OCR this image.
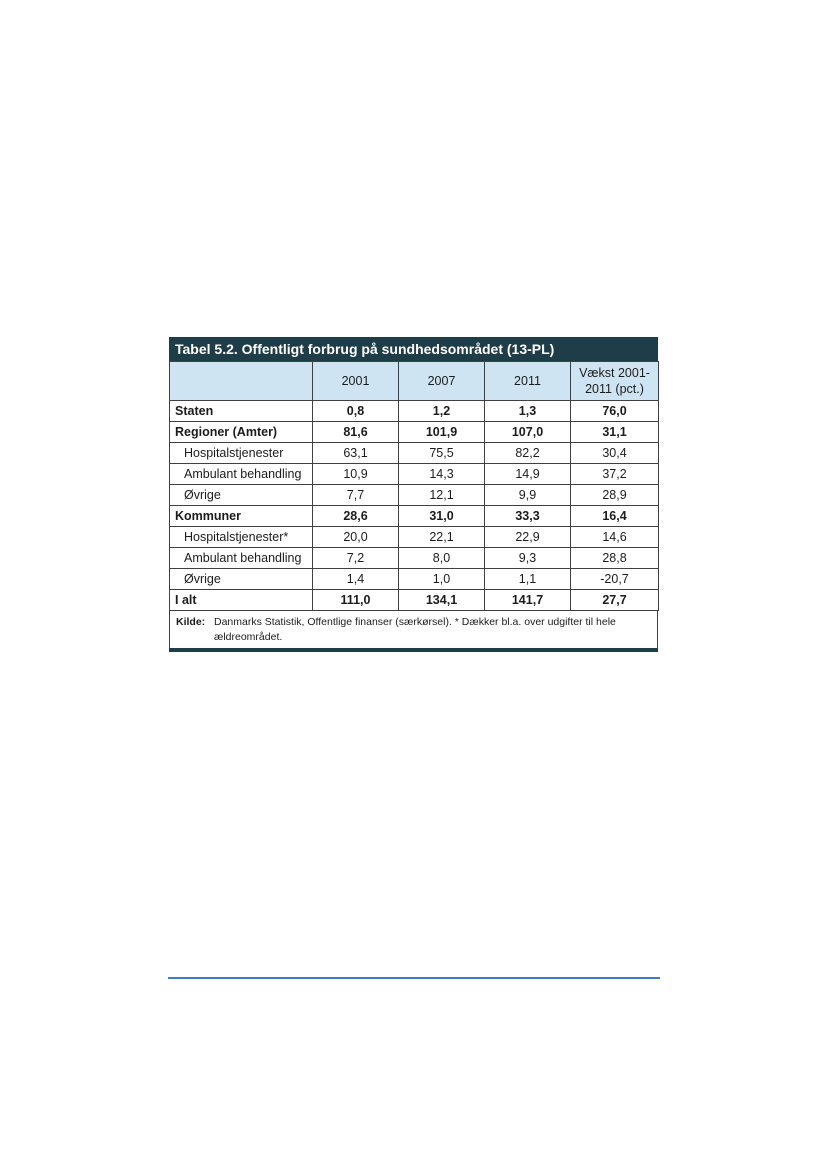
Tabel 5.2. Offentligt forbrug på sundhedsområdet (13-PL)
	2001	2007	2011	Vækst 2001-2011 (pct.)
Staten	0,8	1,2	1,3	76,0
Regioner (Amter)	81,6	101,9	107,0	31,1
Hospitalstjenester	63,1	75,5	82,2	30,4
Ambulant behandling	10,9	14,3	14,9	37,2
Øvrige	7,7	12,1	9,9	28,9
Kommuner	28,6	31,0	33,3	16,4
Hospitalstjenester*	20,0	22,1	22,9	14,6
Ambulant behandling	7,2	8,0	9,3	28,8
Øvrige	1,4	1,0	1,1	-20,7
I alt	111,0	134,1	141,7	27,7
Kilde: Danmarks Statistik, Offentlige finanser (særkørsel). * Dækker bl.a. over udgifter til hele ældreområdet.
